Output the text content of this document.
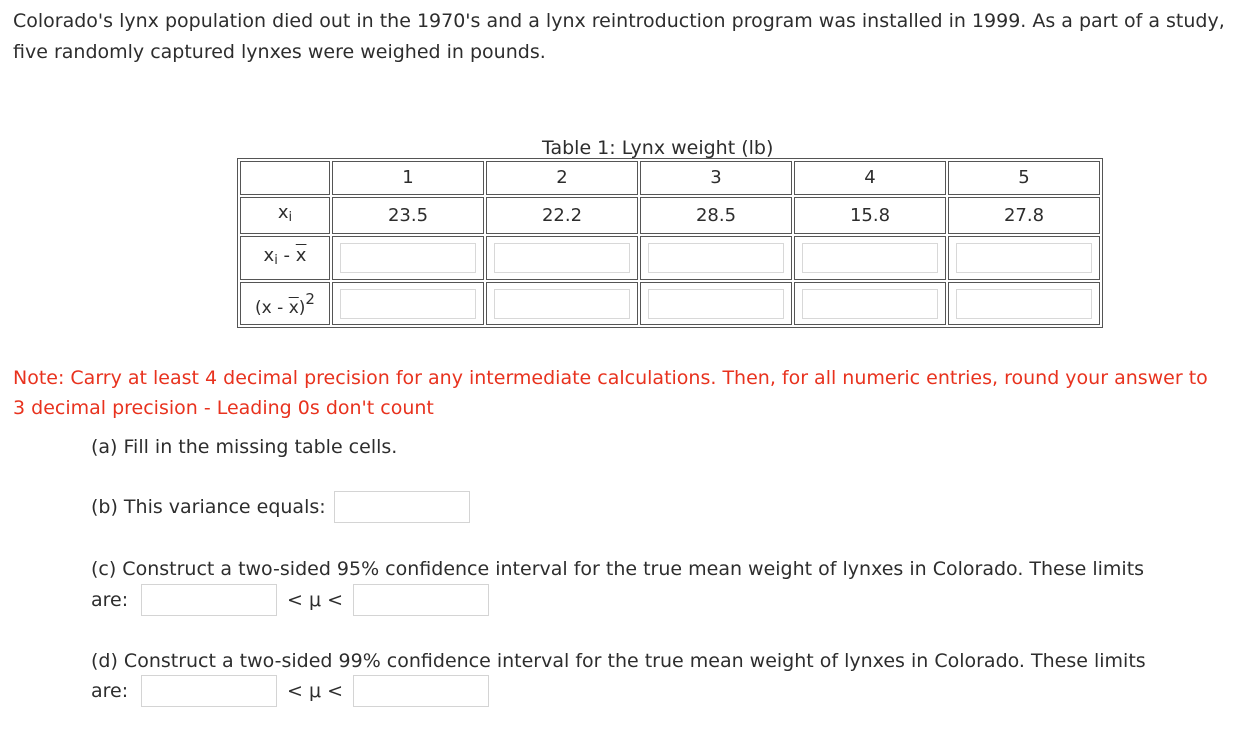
Colorado's lynx population died out in the 1970's and a lynx reintroduction program was installed in 1999. As a part of a study, five randomly captured lynxes were weighed in pounds.

Table 1: Lynx weight (lb)
	1	2	3	4	5
$x_i$	23.5	22.2	28.5	15.8	27.8
$x_i - \overline{x}$	

$(x - \overline{x})2$	

Note: Carry at least 4 decimal precision for any intermediate calculations. Then, for all numeric entries, round your answer to 3 decimal precision - Leading 0s don't count

(a) Fill in the missing table cells.
(b) This variance equals:
(c) Construct a two-sided 95% confidence interval for the true mean weight of lynxes in Colorado. These limits
are:	< μ <
(d) Construct a two-sided 99% confidence interval for the true mean weight of lynxes in Colorado. These limits
are:	< μ <
